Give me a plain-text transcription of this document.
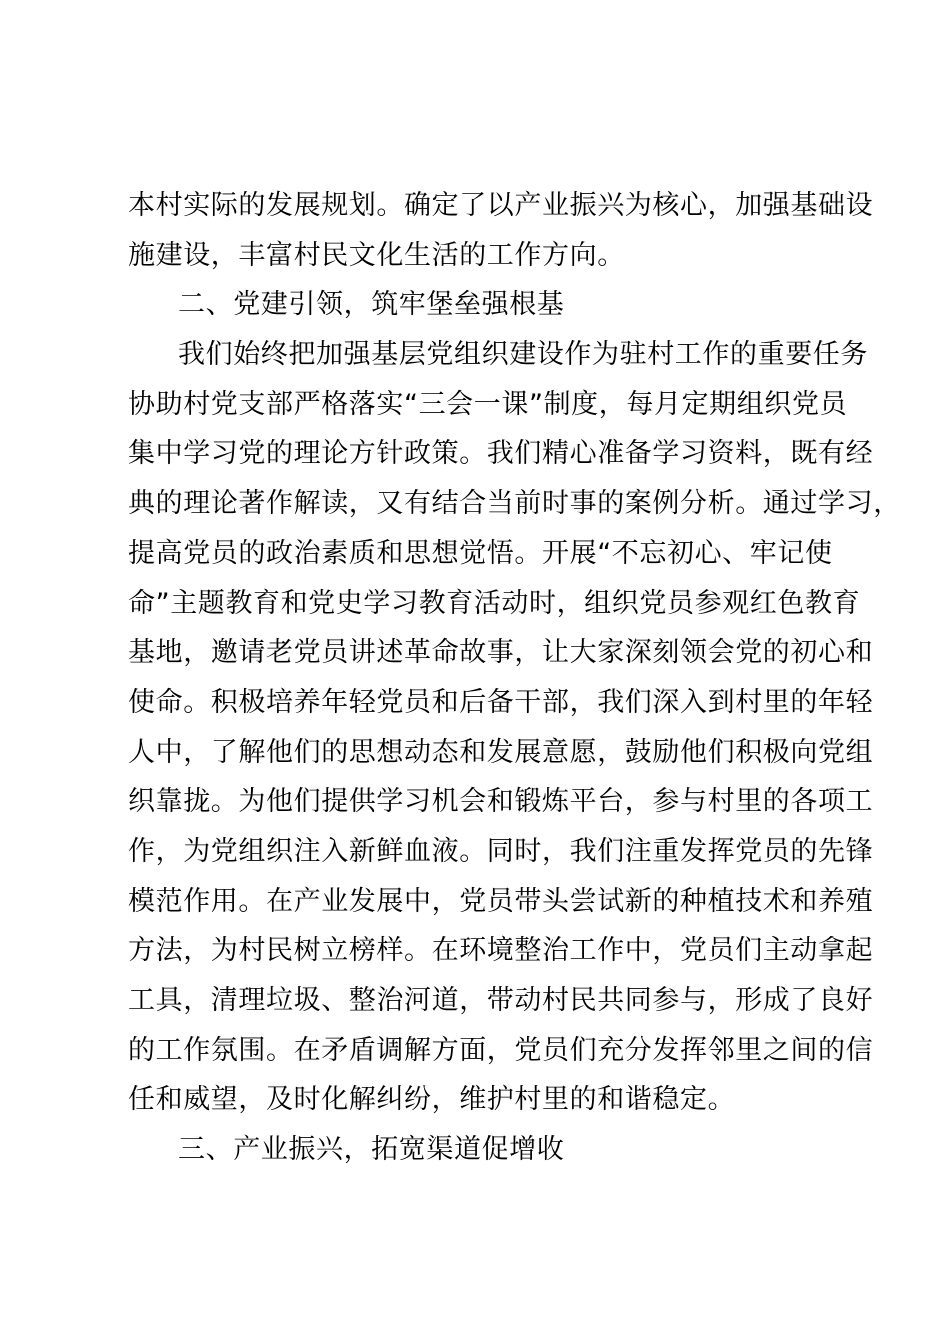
本村实际的发展规划。确定了以产业振兴为核心，加强基础设
施建设，丰富村民文化生活的工作方向。
二、党建引领，筑牢堡垒强根基
我们始终把加强基层党组织建设作为驻村工作的重要任务
协助村党支部严格落实“三会一课”制度，每月定期组织党员
集中学习党的理论方针政策。我们精心准备学习资料，既有经
典的理论著作解读，又有结合当前时事的案例分析。通过学习，
提高党员的政治素质和思想觉悟。开展“不忘初心、牢记使
命”主题教育和党史学习教育活动时，组织党员参观红色教育
基地，邀请老党员讲述革命故事，让大家深刻领会党的初心和
使命。积极培养年轻党员和后备干部，我们深入到村里的年轻
人中，了解他们的思想动态和发展意愿，鼓励他们积极向党组
织靠拢。为他们提供学习机会和锻炼平台，参与村里的各项工
作，为党组织注入新鲜血液。同时，我们注重发挥党员的先锋
模范作用。在产业发展中，党员带头尝试新的种植技术和养殖
方法，为村民树立榜样。在环境整治工作中，党员们主动拿起
工具，清理垃圾、整治河道，带动村民共同参与，形成了良好
的工作氛围。在矛盾调解方面，党员们充分发挥邻里之间的信
任和威望，及时化解纠纷，维护村里的和谐稳定。
三、产业振兴，拓宽渠道促增收
